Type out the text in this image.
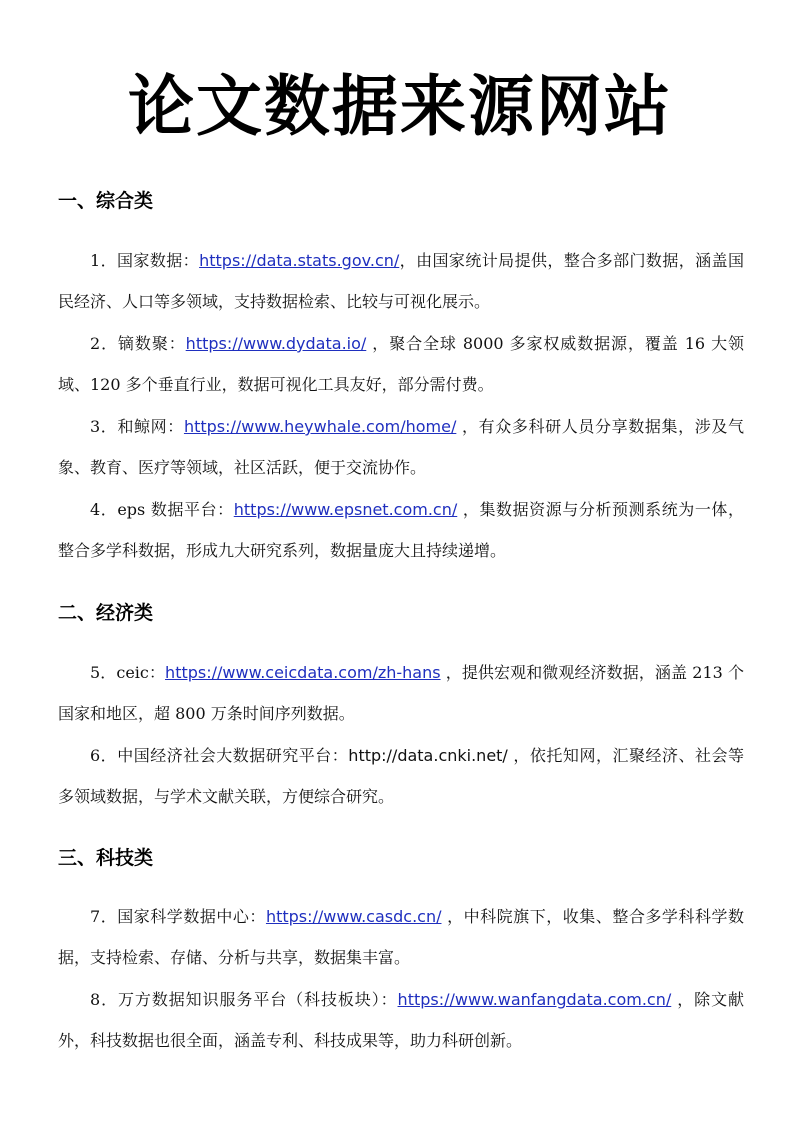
论文数据来源网站
一、综合类
1．国家数据：https://data.stats.gov.cn/，由国家统计局提供，整合多部门数据，涵盖国民经济、人口等多领域，支持数据检索、比较与可视化展示。
2．镝数聚：https://www.dydata.io/ ，聚合全球 8000 多家权威数据源，覆盖 16 大领域、120 多个垂直行业，数据可视化工具友好，部分需付费。
3．和鲸网：https://www.heywhale.com/home/ ，有众多科研人员分享数据集，涉及气象、教育、医疗等领域，社区活跃，便于交流协作。
4．eps 数据平台：https://www.epsnet.com.cn/ ，集数据资源与分析预测系统为一体，整合多学科数据，形成九大研究系列，数据量庞大且持续递增。
二、经济类
5．ceic：https://www.ceicdata.com/zh-hans ，提供宏观和微观经济数据，涵盖 213 个国家和地区，超 800 万条时间序列数据。
6．中国经济社会大数据研究平台：http://data.cnki.net/ ，依托知网，汇聚经济、社会等多领域数据，与学术文献关联，方便综合研究。
三、科技类
7．国家科学数据中心：https://www.casdc.cn/ ，中科院旗下，收集、整合多学科科学数据，支持检索、存储、分析与共享，数据集丰富。
8．万方数据知识服务平台（科技板块）：https://www.wanfangdata.com.cn/ ，除文献外，科技数据也很全面，涵盖专利、科技成果等，助力科研创新。
